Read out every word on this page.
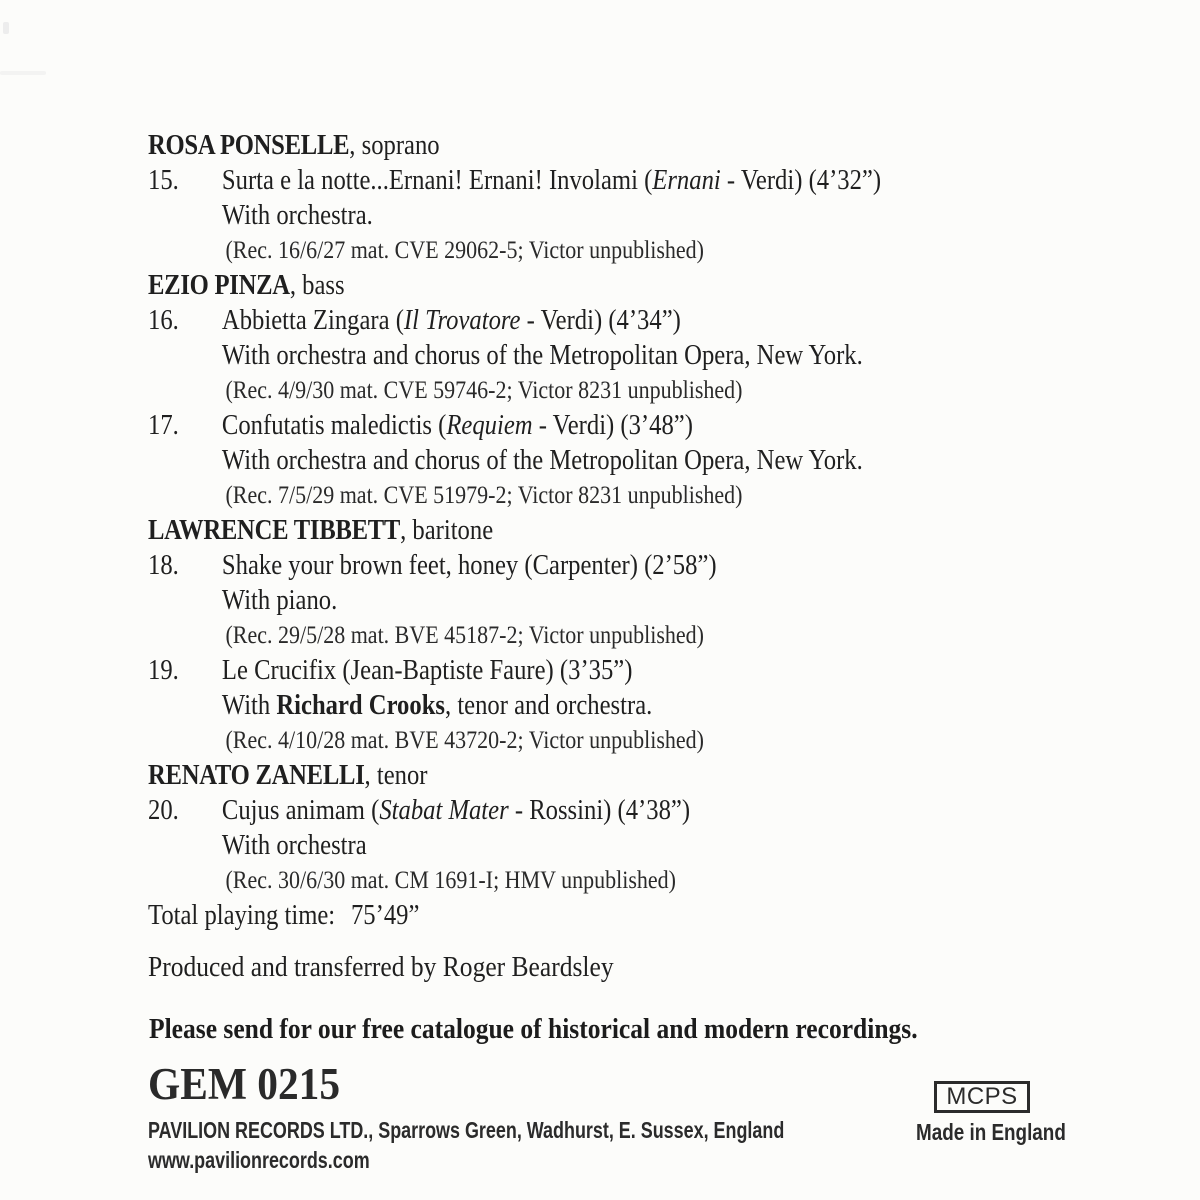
ROSA PONSELLE, soprano
15. Surta e la notte...Ernani! Ernani! Involami (Ernani - Verdi) (4’32”)
With orchestra.
(Rec. 16/6/27 mat. CVE 29062-5; Victor unpublished)
EZIO PINZA, bass
16. Abbietta Zingara (Il Trovatore - Verdi) (4’34”)
With orchestra and chorus of the Metropolitan Opera, New York.
(Rec. 4/9/30 mat. CVE 59746-2; Victor 8231 unpublished)
17. Confutatis maledictis (Requiem - Verdi) (3’48”)
With orchestra and chorus of the Metropolitan Opera, New York.
(Rec. 7/5/29 mat. CVE 51979-2; Victor 8231 unpublished)
LAWRENCE TIBBETT, baritone
18. Shake your brown feet, honey (Carpenter) (2’58”)
With piano.
(Rec. 29/5/28 mat. BVE 45187-2; Victor unpublished)
19. Le Crucifix (Jean-Baptiste Faure) (3’35”)
With Richard Crooks, tenor and orchestra.
(Rec. 4/10/28 mat. BVE 43720-2; Victor unpublished)
RENATO ZANELLI, tenor
20. Cujus animam (Stabat Mater - Rossini) (4’38”)
With orchestra
(Rec. 30/6/30 mat. CM 1691-I; HMV unpublished)
Total playing time: 75’49”
Produced and transferred by Roger Beardsley
Please send for our free catalogue of historical and modern recordings.
GEM 0215	MCPS
Made in England
PAVILION RECORDS LTD., Sparrows Green, Wadhurst, E. Sussex, England
www.pavilionrecords.com
